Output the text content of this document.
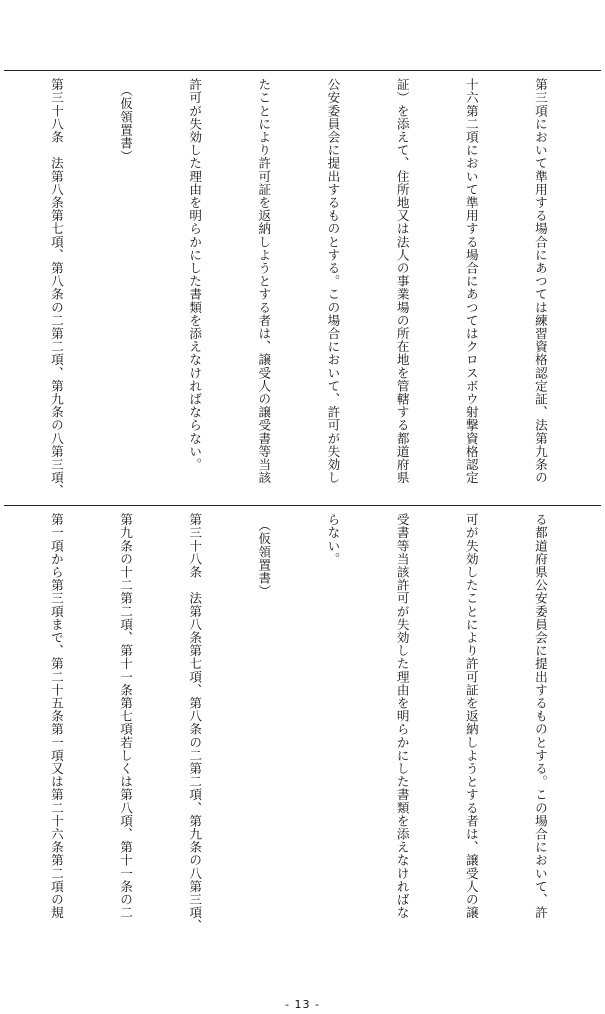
第三項において準用する場合にあつては練習資格認定証、法第九条の

十六第二項において準用する場合にあつてはクロスボウ射撃資格認定

証）を添えて、住所地又は法人の事業場の所在地を管轄する都道府県

公安委員会に提出するものとする。この場合において、許可が失効し

たことにより許可証を返納しようとする者は、譲受人の譲受書等当該

許可が失効した理由を明らかにした書類を添えなければならない。

（仮領置書）

第三十八条　法第八条第七項、第八条の二第二項、第九条の八第三項、

る都道府県公安委員会に提出するものとする。この場合において、許

可が失効したことにより許可証を返納しようとする者は、譲受人の譲

受書等当該許可が失効した理由を明らかにした書類を添えなければな

らない。

（仮領置書）

第三十八条　法第八条第七項、第八条の二第二項、第九条の八第三項、

第九条の十二第二項、第十一条第七項若しくは第八項、第十一条の二

第一項から第三項まで、第二十五条第一項又は第二十六条第二項の規

- 13 -
